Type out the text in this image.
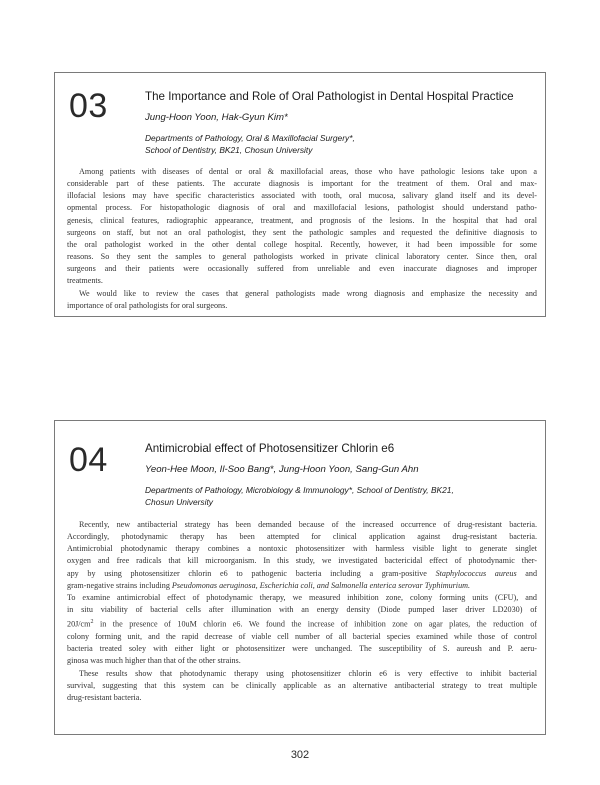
03	The Importance and Role of Oral Pathologist in Dental Hospital Practice
Jung-Hoon Yoon, Hak-Gyun Kim*
Departments of Pathology, Oral & Maxillofacial Surgery*,
School of Dentistry, BK21, Chosun University
Among patients with diseases of dental or oral & maxillofacial areas, those who have pathologic lesions take upon a
considerable part of these patients. The accurate diagnosis is important for the treatment of them. Oral and max-
illofacial lesions may have specific characteristics associated with tooth, oral mucosa, salivary gland itself and its devel-
opmental process. For histopathologic diagnosis of oral and maxillofacial lesions, pathologist should understand patho-
genesis, clinical features, radiographic appearance, treatment, and prognosis of the lesions. In the hospital that had oral
surgeons on staff, but not an oral pathologist, they sent the pathologic samples and requested the definitive diagnosis to
the oral pathologist worked in the other dental college hospital. Recently, however, it had been impossible for some
reasons. So they sent the samples to general pathologists worked in private clinical laboratory center. Since then, oral
surgeons and their patients were occasionally suffered from unreliable and even inaccurate diagnoses and improper
treatments.
We would like to review the cases that general pathologists made wrong diagnosis and emphasize the necessity and
importance of oral pathologists for oral surgeons.
04	Antimicrobial effect of Photosensitizer Chlorin e6
Yeon-Hee Moon, Il-Soo Bang*, Jung-Hoon Yoon, Sang-Gun Ahn
Departments of Pathology, Microbiology & Immunology*, School of Dentistry, BK21,
Chosun University
Recently, new antibacterial strategy has been demanded because of the increased occurrence of drug-resistant bacteria.
Accordingly, photodynamic therapy has been attempted for clinical application against drug-resistant bacteria.
Antimicrobial photodynamic therapy combines a nontoxic photosensitizer with harmless visible light to generate singlet
oxygen and free radicals that kill microorganism. In this study, we investigated bactericidal effect of photodynamic ther-
apy by using photosensitizer chlorin e6 to pathogenic bacteria including a gram-positive Staphylococcus aureus and
gram-negative strains including Pseudomonas aeruginosa, Escherichia coli, and Salmonella enterica serovar Typhimurium.
To examine antimicrobial effect of photodynamic therapy, we measured inhibition zone, colony forming units (CFU), and
in situ viability of bacterial cells after illumination with an energy density (Diode pumped laser driver LD2030) of
$20J/cm^2$ in the presence of 10uM chlorin e6. We found the increase of inhibition zone on agar plates, the reduction of
colony forming unit, and the rapid decrease of viable cell number of all bacterial species examined while those of control
bacteria treated soley with either light or photosensitizer were unchanged. The susceptibility of S. aureush and P. aeru-
ginosa was much higher than that of the other strains.
These results show that photodynamic therapy using photosensitizer chlorin e6 is very effective to inhibit bacterial
survival, suggesting that this system can be clinically applicable as an alternative antibacterial strategy to treat multiple
drug-resistant bacteria.
302
